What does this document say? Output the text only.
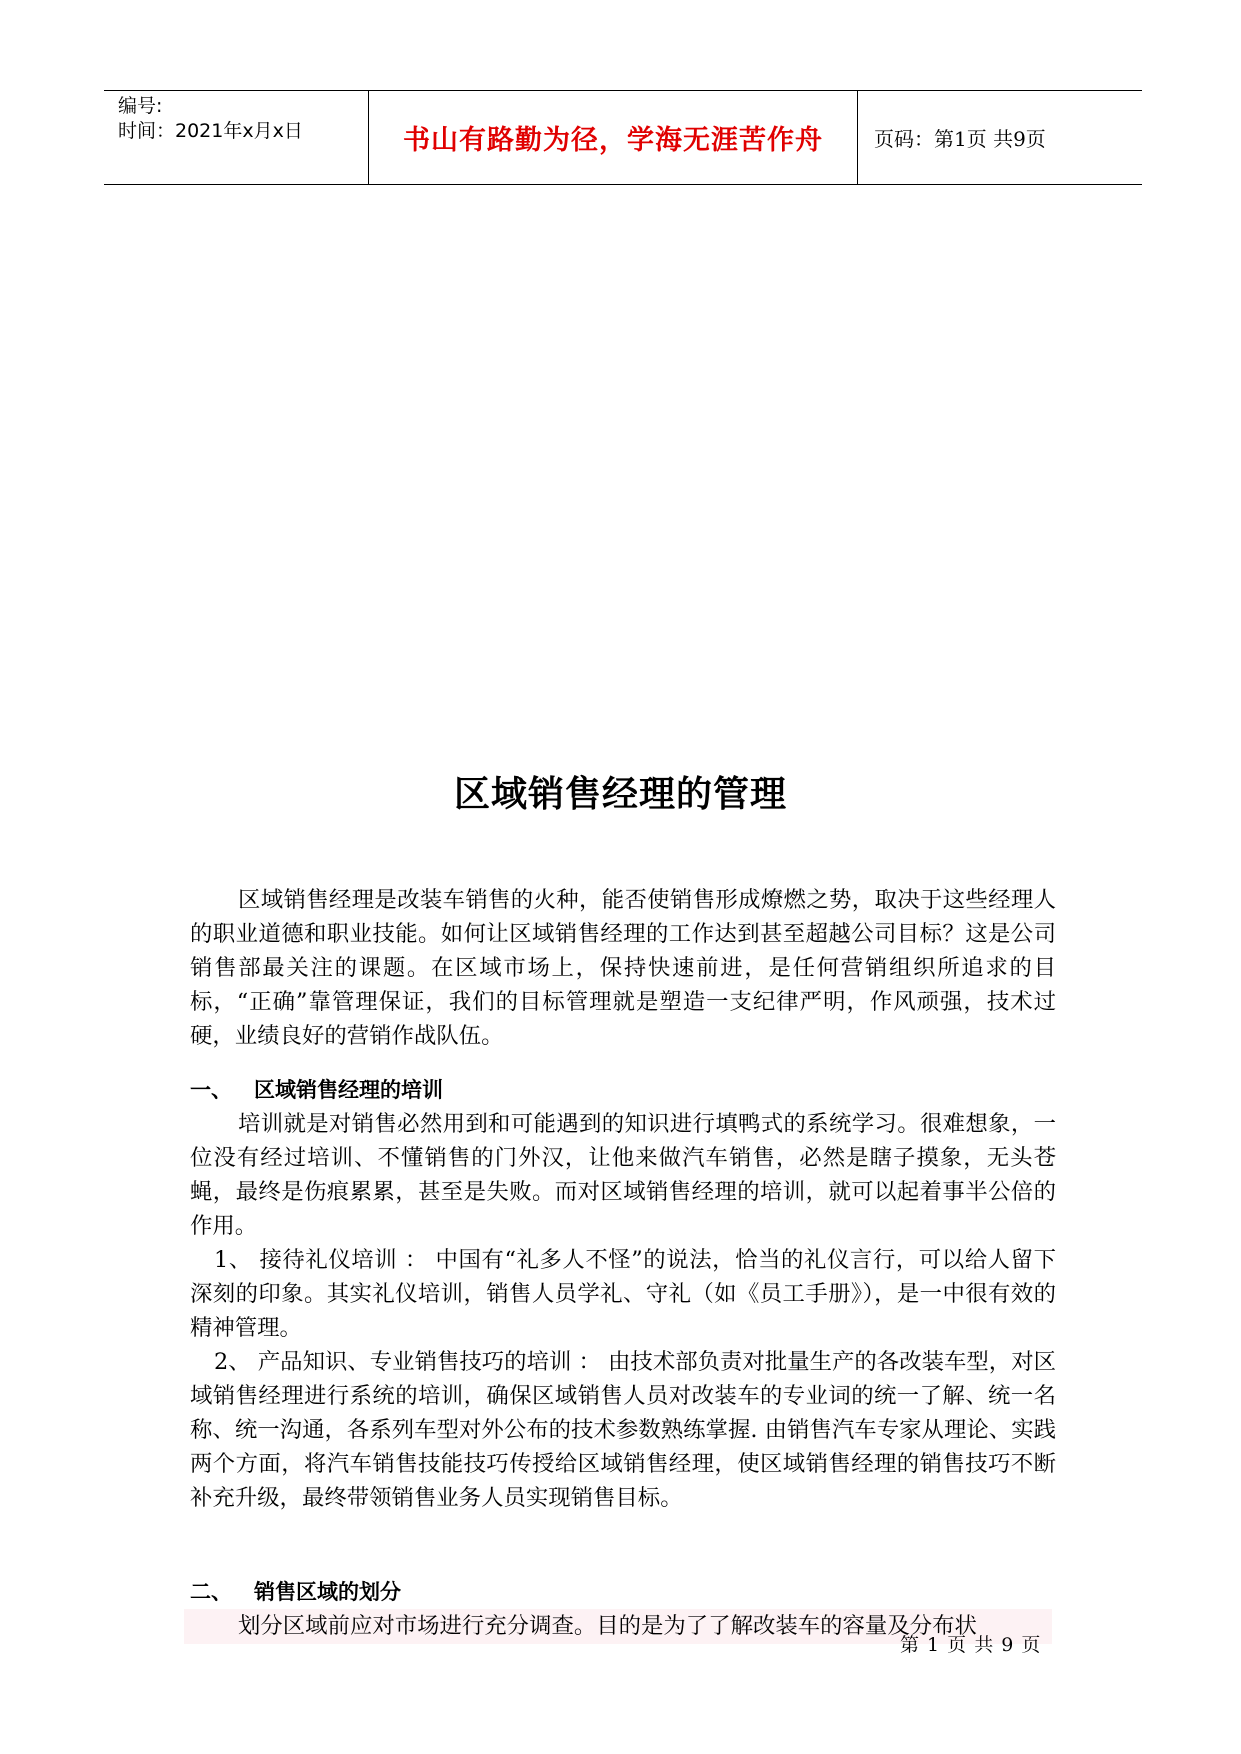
编号:
时间：2021年x月x日	书山有路勤为径，学海无涯苦作舟	页码：第1页 共9页
区域销售经理的管理

区域销售经理是改装车销售的火种，能否使销售形成燎燃之势，取决于这些经理人的职业道德和职业技能。如何让区域销售经理的工作达到甚至超越公司目标？这是公司销售部最关注的课题。在区域市场上，保持快速前进，是任何营销组织所追求的目标，“正确”靠管理保证，我们的目标管理就是塑造一支纪律严明，作风顽强，技术过硬，业绩良好的营销作战队伍。

一、 区域销售经理的培训

培训就是对销售必然用到和可能遇到的知识进行填鸭式的系统学习。很难想象，一位没有经过培训、不懂销售的门外汉，让他来做汽车销售，必然是瞎子摸象，无头苍蝇，最终是伤痕累累，甚至是失败。而对区域销售经理的培训，就可以起着事半公倍的作用。

1、 接待礼仪培训 ： 中国有“礼多人不怪”的说法，恰当的礼仪言行，可以给人留下深刻的印象。其实礼仪培训，销售人员学礼、守礼（如《员工手册》），是一中很有效的精神管理。

2、 产品知识、专业销售技巧的培训 ： 由技术部负责对批量生产的各改装车型，对区域销售经理进行系统的培训，确保区域销售人员对改装车的专业词的统一了解、统一名称、统一沟通，各系列车型对外公布的技术参数熟练掌握. 由销售汽车专家从理论、实践两个方面，将汽车销售技能技巧传授给区域销售经理，使区域销售经理的销售技巧不断补充升级，最终带领销售业务人员实现销售目标。

二、 销售区域的划分

划分区域前应对市场进行充分调查。目的是为了了解改装车的容量及分布状

第 1 页 共 9 页
